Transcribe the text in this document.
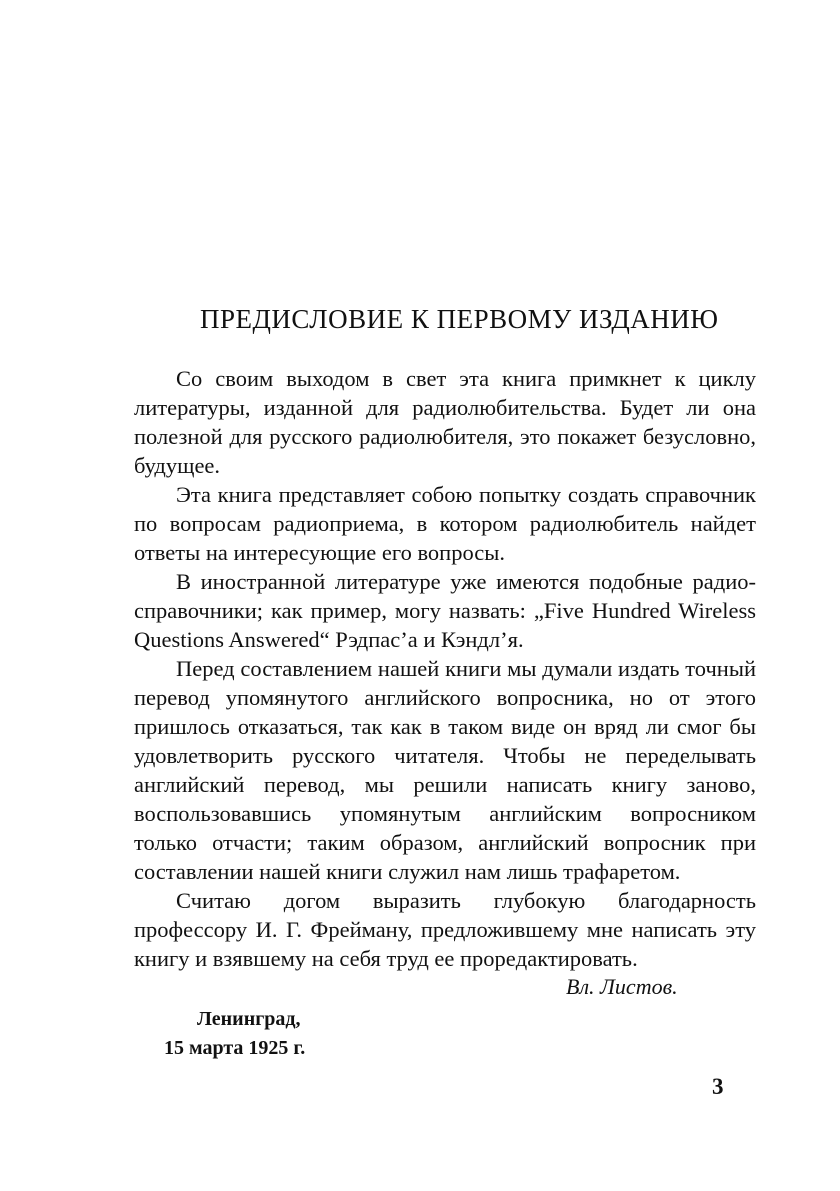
ПРЕДИСЛОВИЕ К ПЕРВОМУ ИЗДАНИЮ

Со своим выходом в свет эта книга примкнет к циклу литературы, изданной для радиолюбительства. Будет ли она полезной для русского радиолюбителя, это покажет безусловно, будущее.

Эта книга представляет собою попытку создать справочник по вопросам радиоприема, в котором радиолюбитель найдет ответы на интересующие его вопросы.

В иностранной литературе уже имеются подобные радио-справочники; как пример, могу назвать: „Five Hundred Wireless Questions Answered“ Рэдпас’а и Кэндл’я.

Перед составлением нашей книги мы думали издать точный перевод упомянутого английского вопросника, но от этого пришлось отказаться, так как в таком виде он вряд ли смог бы удовлетворить русского читателя. Чтобы не переделывать английский перевод, мы решили написать книгу заново, воспользовавшись упомянутым английским вопросником только отчасти; таким образом, английский вопросник при составлении нашей книги служил нам лишь трафаретом.

Считаю догом выразить глубокую благодарность профессору И. Г. Фрейману, предложившему мне написать эту книгу и взявшему на себя труд ее прорeдактировать.

Вл. Листов.

Ленинград,

15 марта 1925 г.

3
